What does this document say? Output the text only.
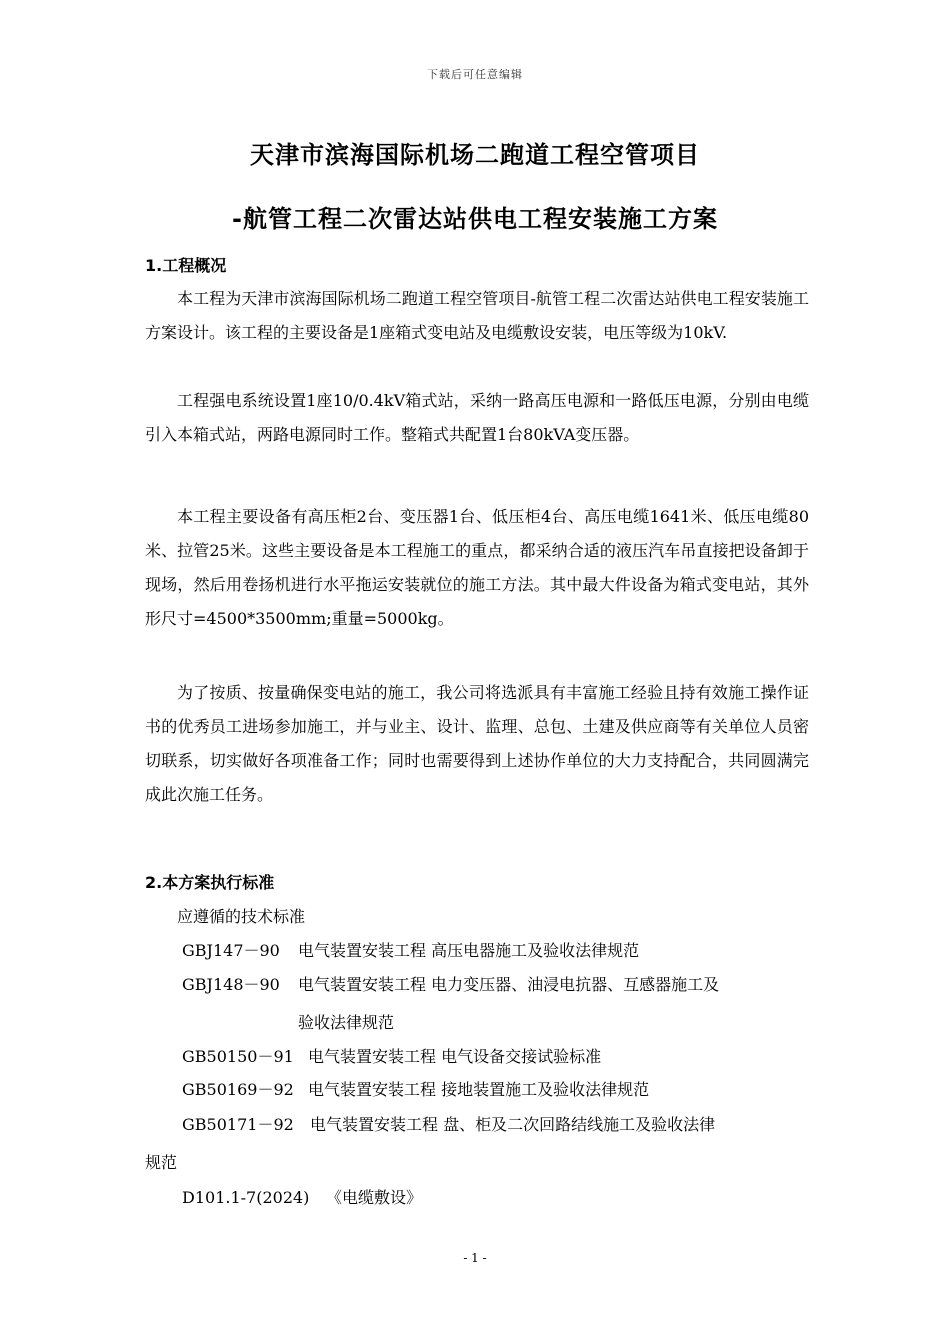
下载后可任意编辑
天津市滨海国际机场二跑道工程空管项目
-航管工程二次雷达站供电工程安装施工方案
1.工程概况

本工程为天津市滨海国际机场二跑道工程空管项目-航管工程二次雷达站供电工程安装施工方案设计。该工程的主要设备是1座箱式变电站及电缆敷设安装，电压等级为10kV.

工程强电系统设置1座10/0.4kV箱式站，采纳一路高压电源和一路低压电源，分别由电缆引入本箱式站，两路电源同时工作。整箱式共配置1台80kVA变压器。

本工程主要设备有高压柜2台、变压器1台、低压柜4台、高压电缆1641米、低压电缆80米、拉管25米。这些主要设备是本工程施工的重点，都采纳合适的液压汽车吊直接把设备卸于现场，然后用卷扬机进行水平拖运安装就位的施工方法。其中最大件设备为箱式变电站，其外形尺寸=4500*3500mm;重量=5000kg。

为了按质、按量确保变电站的施工，我公司将选派具有丰富施工经验且持有效施工操作证书的优秀员工进场参加施工，并与业主、设计、监理、总包、土建及供应商等有关单位人员密切联系，切实做好各项准备工作；同时也需要得到上述协作单位的大力支持配合，共同圆满完成此次施工任务。

2.本方案执行标准
应遵循的技术标准
GBJ147－90 电气装置安装工程 高压电器施工及验收法律规范
GBJ148－90 电气装置安装工程 电力变压器、油浸电抗器、互感器施工及
验收法律规范
GB50150－91 电气装置安装工程 电气设备交接试验标准
GB50169－92 电气装置安装工程 接地装置施工及验收法律规范
GB50171－92 电气装置安装工程 盘、柜及二次回路结线施工及验收法律
规范
D101.1-7(2024) 《电缆敷设》
- 1 -
